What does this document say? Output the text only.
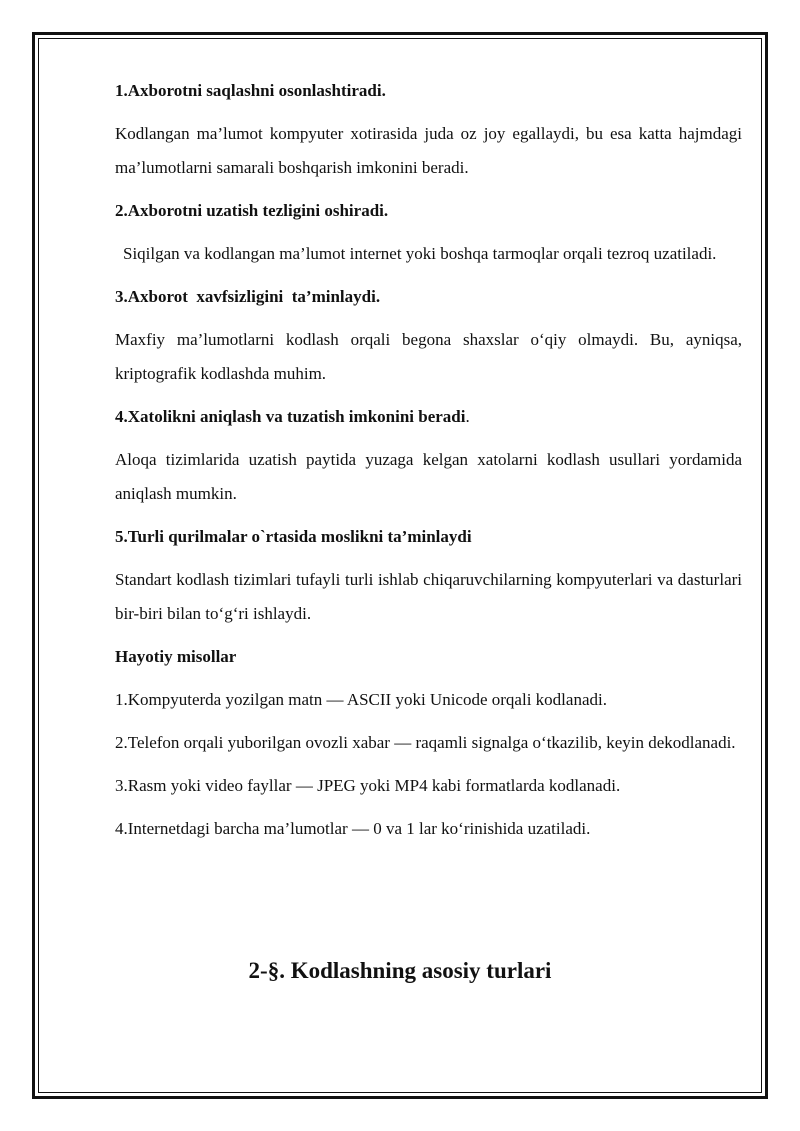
1.Axborotni saqlashni osonlashtiradi.

Kodlangan ma’lumot kompyuter xotirasida juda oz joy egallaydi, bu esa katta hajmdagi ma’lumotlarni samarali boshqarish imkonini beradi.

2.Axborotni uzatish tezligini oshiradi.

Siqilgan va kodlangan ma’lumot internet yoki boshqa tarmoqlar orqali tezroq uzatiladi.

3.Axborot  xavfsizligini  ta’minlaydi.

Maxfiy ma’lumotlarni kodlash orqali begona shaxslar o‘qiy olmaydi. Bu, ayniqsa, kriptografik kodlashda muhim.

4.Xatolikni aniqlash va tuzatish imkonini beradi.

Aloqa tizimlarida uzatish paytida yuzaga kelgan xatolarni kodlash usullari yordamida aniqlash mumkin.

5.Turli qurilmalar o`rtasida moslikni ta’minlaydi

Standart kodlash tizimlari tufayli turli ishlab chiqaruvchilarning kompyuterlari va dasturlari bir-biri bilan to‘g‘ri ishlaydi.

Hayotiy misollar

1.Kompyuterda yozilgan matn — ASCII yoki Unicode orqali kodlanadi.

2.Telefon orqali yuborilgan ovozli xabar — raqamli signalga o‘tkazilib, keyin dekodlanadi.

3.Rasm yoki video fayllar — JPEG yoki MP4 kabi formatlarda kodlanadi.

4.Internetdagi barcha ma’lumotlar — 0 va 1 lar ko‘rinishida uzatiladi.

2-§. Kodlashning asosiy turlari
